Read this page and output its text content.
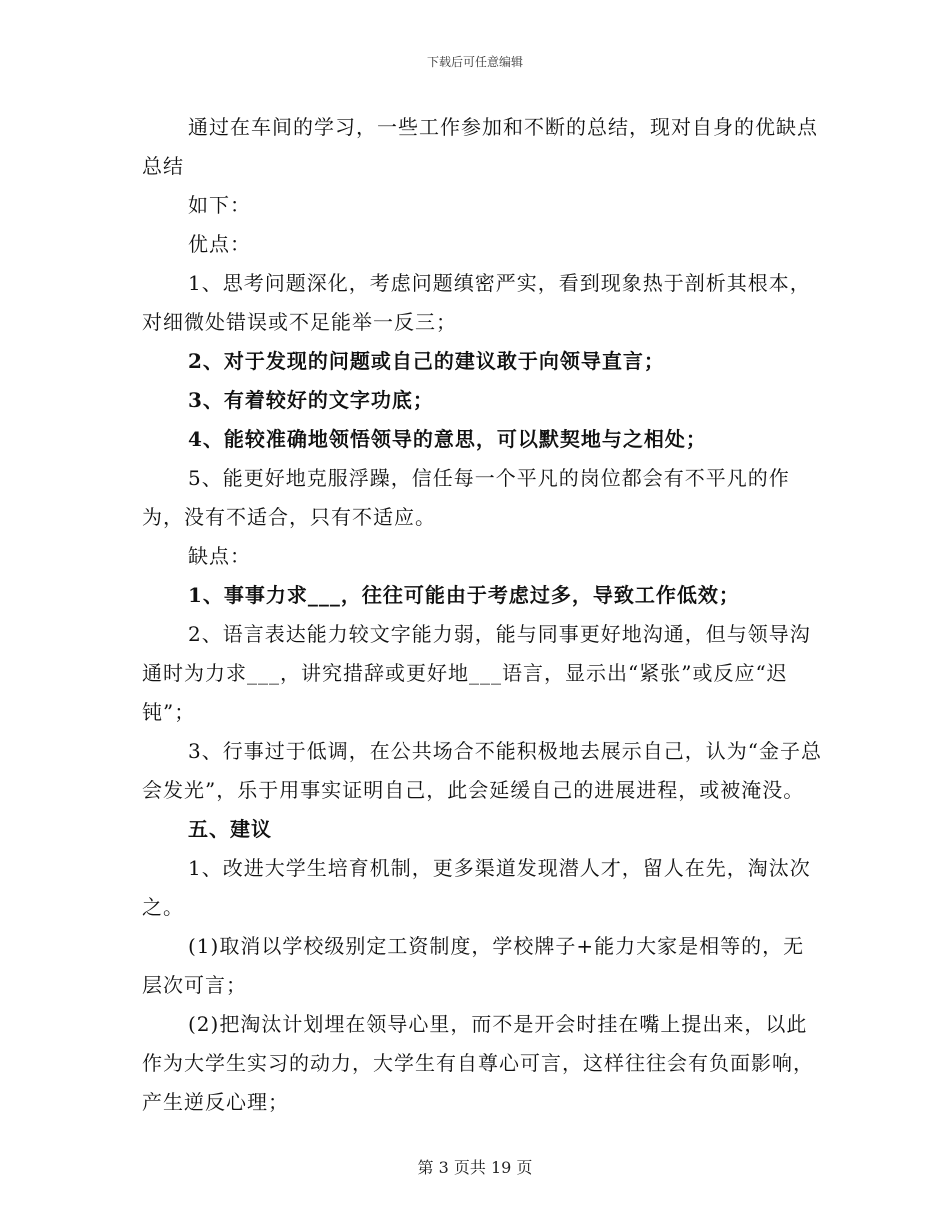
下载后可任意编辑

通过在车间的学习，一些工作参加和不断的总结，现对自身的优缺点总结

如下：

优点：

1、思考问题深化，考虑问题缜密严实，看到现象热于剖析其根本，对细微处错误或不足能举一反三；

2、对于发现的问题或自己的建议敢于向领导直言；

3、有着较好的文字功底；

4、能较准确地领悟领导的意思，可以默契地与之相处；

5、能更好地克服浮躁，信任每一个平凡的岗位都会有不平凡的作为，没有不适合，只有不适应。

缺点：

1、事事力求___，往往可能由于考虑过多，导致工作低效；

2、语言表达能力较文字能力弱，能与同事更好地沟通，但与领导沟通时为力求___，讲究措辞或更好地___语言，显示出“紧张”或反应“迟钝”；

3、行事过于低调，在公共场合不能积极地去展示自己，认为“金子总会发光”，乐于用事实证明自己，此会延缓自己的进展进程，或被淹没。

五、建议

1、改进大学生培育机制，更多渠道发现潜人才，留人在先，淘汰次之。

(1)取消以学校级别定工资制度，学校牌子+能力大家是相等的，无层次可言；

(2)把淘汰计划埋在领导心里，而不是开会时挂在嘴上提出来，以此作为大学生实习的动力，大学生有自尊心可言，这样往往会有负面影响，产生逆反心理；

第 3 页共 19 页
